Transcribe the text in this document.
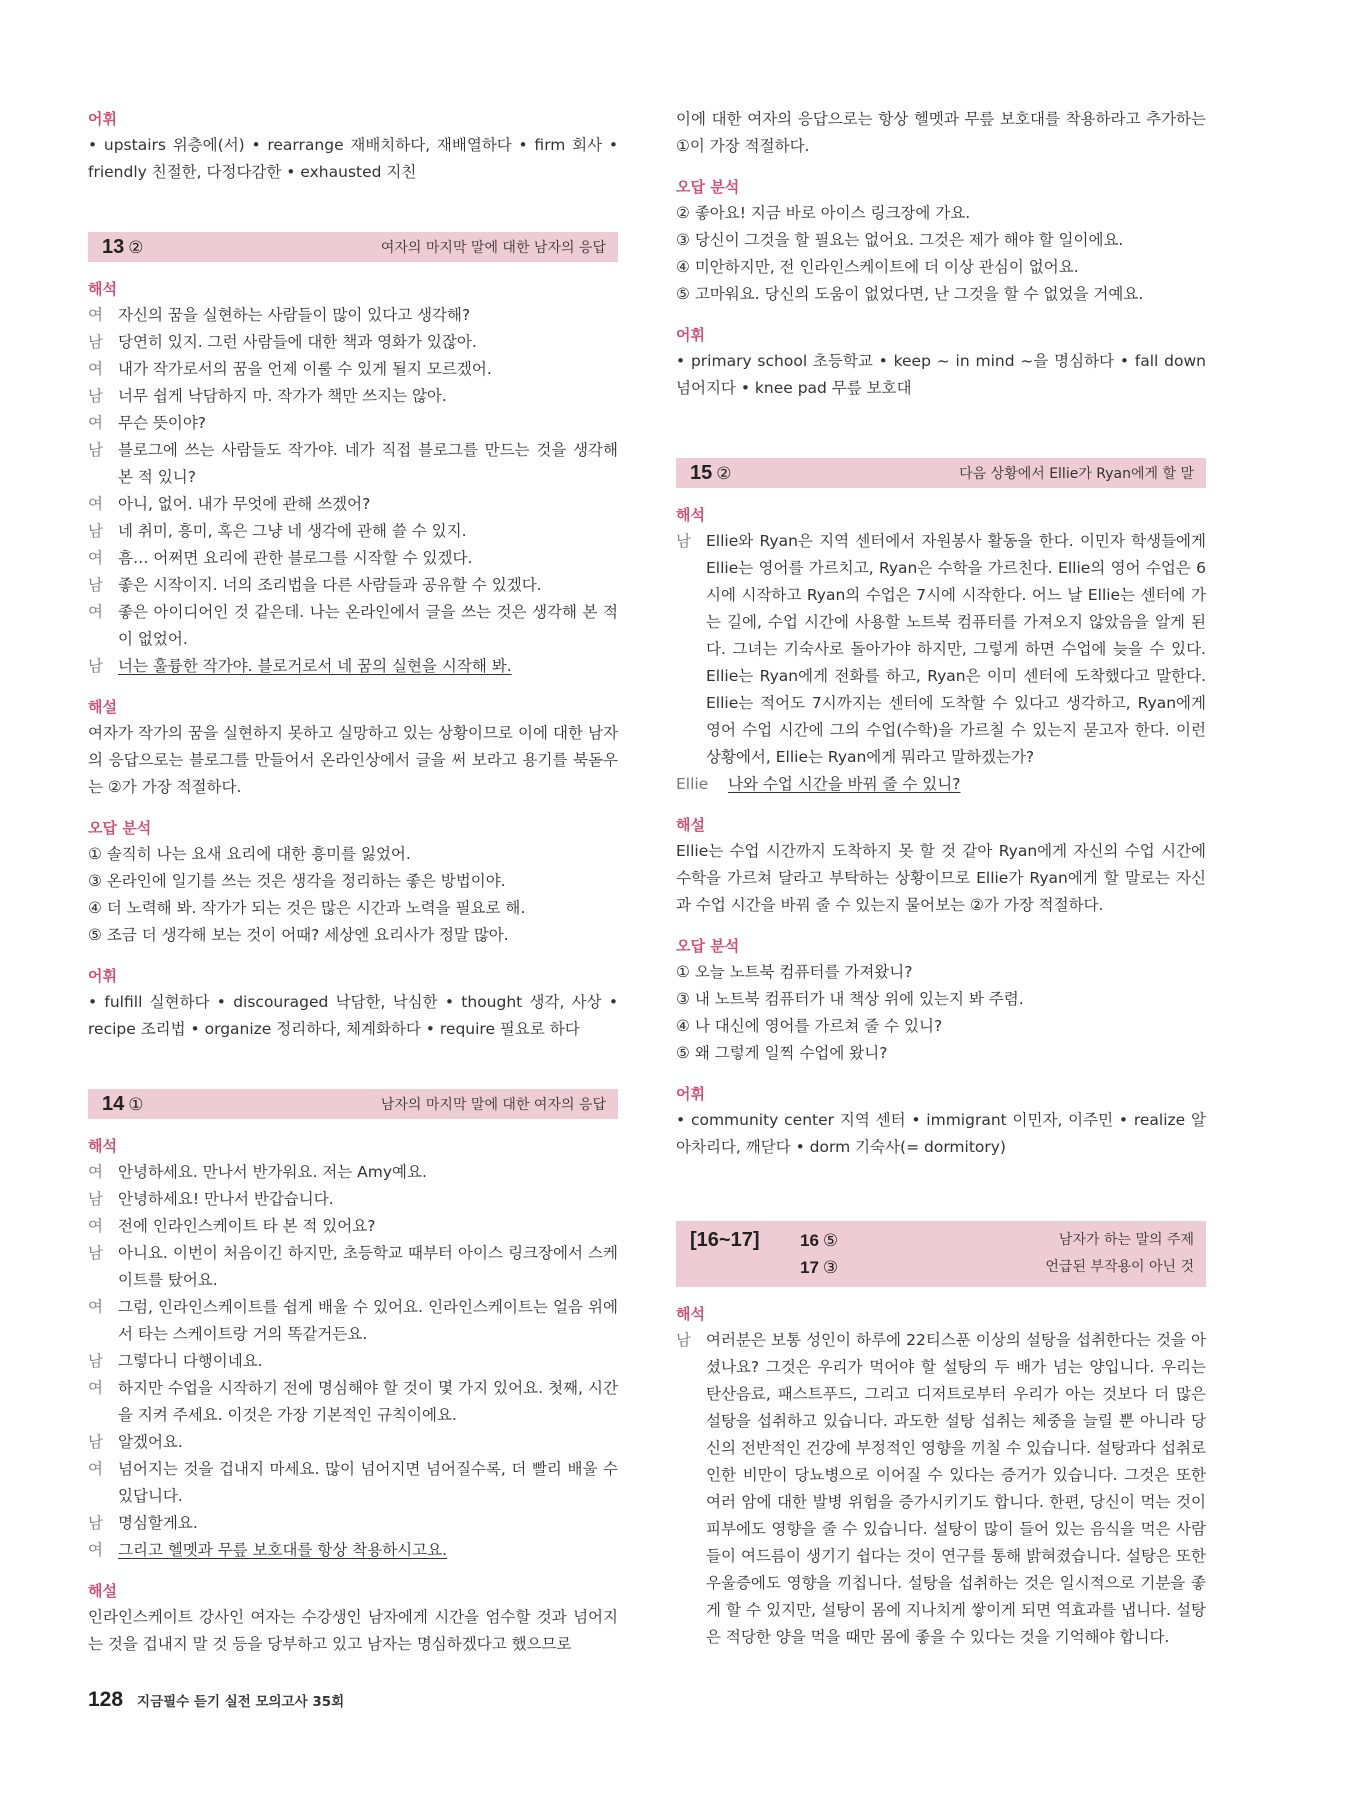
어휘
• upstairs 위층에(서) • rearrange 재배치하다, 재배열하다 • firm 회사 • friendly 친절한, 다정다감한 • exhausted 지친
13 ②	여자의 마지막 말에 대한 남자의 응답
해석
여 자신의 꿈을 실현하는 사람들이 많이 있다고 생각해?
남 당연히 있지. 그런 사람들에 대한 책과 영화가 있잖아.
여 내가 작가로서의 꿈을 언제 이룰 수 있게 될지 모르겠어.
남 너무 쉽게 낙담하지 마. 작가가 책만 쓰지는 않아.
여 무슨 뜻이야?
남 블로그에 쓰는 사람들도 작가야. 네가 직접 블로그를 만드는 것을 생각해 본 적 있니?
여 아니, 없어. 내가 무엇에 관해 쓰겠어?
남 네 취미, 흥미, 혹은 그냥 네 생각에 관해 쓸 수 있지.
여 흠… 어쩌면 요리에 관한 블로그를 시작할 수 있겠다.
남 좋은 시작이지. 너의 조리법을 다른 사람들과 공유할 수 있겠다.
여 좋은 아이디어인 것 같은데. 나는 온라인에서 글을 쓰는 것은 생각해 본 적이 없었어.
남 너는 훌륭한 작가야. 블로거로서 네 꿈의 실현을 시작해 봐.
해설
여자가 작가의 꿈을 실현하지 못하고 실망하고 있는 상황이므로 이에 대한 남자의 응답으로는 블로그를 만들어서 온라인상에서 글을 써 보라고 용기를 북돋우는 ②가 가장 적절하다.
오답 분석
① 솔직히 나는 요새 요리에 대한 흥미를 잃었어.
③ 온라인에 일기를 쓰는 것은 생각을 정리하는 좋은 방법이야.
④ 더 노력해 봐. 작가가 되는 것은 많은 시간과 노력을 필요로 해.
⑤ 조금 더 생각해 보는 것이 어때? 세상엔 요리사가 정말 많아.
어휘
• fulfill 실현하다 • discouraged 낙담한, 낙심한 • thought 생각, 사상 • recipe 조리법 • organize 정리하다, 체계화하다 • require 필요로 하다
14 ①	남자의 마지막 말에 대한 여자의 응답
해석
여 안녕하세요. 만나서 반가워요. 저는 Amy예요.
남 안녕하세요! 만나서 반갑습니다.
여 전에 인라인스케이트 타 본 적 있어요?
남 아니요. 이번이 처음이긴 하지만, 초등학교 때부터 아이스 링크장에서 스케이트를 탔어요.
여 그럼, 인라인스케이트를 쉽게 배울 수 있어요. 인라인스케이트는 얼음 위에서 타는 스케이트랑 거의 똑같거든요.
남 그렇다니 다행이네요.
여 하지만 수업을 시작하기 전에 명심해야 할 것이 몇 가지 있어요. 첫째, 시간을 지켜 주세요. 이것은 가장 기본적인 규칙이에요.
남 알겠어요.
여 넘어지는 것을 겁내지 마세요. 많이 넘어지면 넘어질수록, 더 빨리 배울 수 있답니다.
남 명심할게요.
여 그리고 헬멧과 무릎 보호대를 항상 착용하시고요.
해설
인라인스케이트 강사인 여자는 수강생인 남자에게 시간을 엄수할 것과 넘어지는 것을 겁내지 말 것 등을 당부하고 있고 남자는 명심하겠다고 했으므로
이에 대한 여자의 응답으로는 항상 헬멧과 무릎 보호대를 착용하라고 추가하는 ①이 가장 적절하다.
오답 분석
② 좋아요! 지금 바로 아이스 링크장에 가요.
③ 당신이 그것을 할 필요는 없어요. 그것은 제가 해야 할 일이에요.
④ 미안하지만, 전 인라인스케이트에 더 이상 관심이 없어요.
⑤ 고마워요. 당신의 도움이 없었다면, 난 그것을 할 수 없었을 거예요.
어휘
• primary school 초등학교 • keep ~ in mind ~을 명심하다 • fall down 넘어지다 • knee pad 무릎 보호대
15 ②	다음 상황에서 Ellie가 Ryan에게 할 말
해석
남 Ellie와 Ryan은 지역 센터에서 자원봉사 활동을 한다. 이민자 학생들에게 Ellie는 영어를 가르치고, Ryan은 수학을 가르친다. Ellie의 영어 수업은 6시에 시작하고 Ryan의 수업은 7시에 시작한다. 어느 날 Ellie는 센터에 가는 길에, 수업 시간에 사용할 노트북 컴퓨터를 가져오지 않았음을 알게 된다. 그녀는 기숙사로 돌아가야 하지만, 그렇게 하면 수업에 늦을 수 있다. Ellie는 Ryan에게 전화를 하고, Ryan은 이미 센터에 도착했다고 말한다. Ellie는 적어도 7시까지는 센터에 도착할 수 있다고 생각하고, Ryan에게 영어 수업 시간에 그의 수업(수학)을 가르칠 수 있는지 묻고자 한다. 이런 상황에서, Ellie는 Ryan에게 뭐라고 말하겠는가?
Ellie	나와 수업 시간을 바꿔 줄 수 있니?
해설
Ellie는 수업 시간까지 도착하지 못 할 것 같아 Ryan에게 자신의 수업 시간에 수학을 가르쳐 달라고 부탁하는 상황이므로 Ellie가 Ryan에게 할 말로는 자신과 수업 시간을 바꿔 줄 수 있는지 물어보는 ②가 가장 적절하다.
오답 분석
① 오늘 노트북 컴퓨터를 가져왔니?
③ 내 노트북 컴퓨터가 내 책상 위에 있는지 봐 주렴.
④ 나 대신에 영어를 가르쳐 줄 수 있니?
⑤ 왜 그렇게 일찍 수업에 왔니?
어휘
• community center 지역 센터 • immigrant 이민자, 이주민 • realize 알아차리다, 깨닫다 • dorm 기숙사(= dormitory)
[16~17]	16 ⑤	남자가 하는 말의 주제
17 ③	언급된 부작용이 아닌 것
해석
남 여러분은 보통 성인이 하루에 22티스푼 이상의 설탕을 섭취한다는 것을 아셨나요? 그것은 우리가 먹어야 할 설탕의 두 배가 넘는 양입니다. 우리는 탄산음료, 패스트푸드, 그리고 디저트로부터 우리가 아는 것보다 더 많은 설탕을 섭취하고 있습니다. 과도한 설탕 섭취는 체중을 늘릴 뿐 아니라 당신의 전반적인 건강에 부정적인 영향을 끼칠 수 있습니다. 설탕과다 섭취로 인한 비만이 당뇨병으로 이어질 수 있다는 증거가 있습니다. 그것은 또한 여러 암에 대한 발병 위험을 증가시키기도 합니다. 한편, 당신이 먹는 것이 피부에도 영향을 줄 수 있습니다. 설탕이 많이 들어 있는 음식을 먹은 사람들이 여드름이 생기기 쉽다는 것이 연구를 통해 밝혀졌습니다. 설탕은 또한 우울증에도 영향을 끼칩니다. 설탕을 섭취하는 것은 일시적으로 기분을 좋게 할 수 있지만, 설탕이 몸에 지나치게 쌓이게 되면 역효과를 냅니다. 설탕은 적당한 양을 먹을 때만 몸에 좋을 수 있다는 것을 기억해야 합니다.
128 지금필수 듣기 실전 모의고사 35회
